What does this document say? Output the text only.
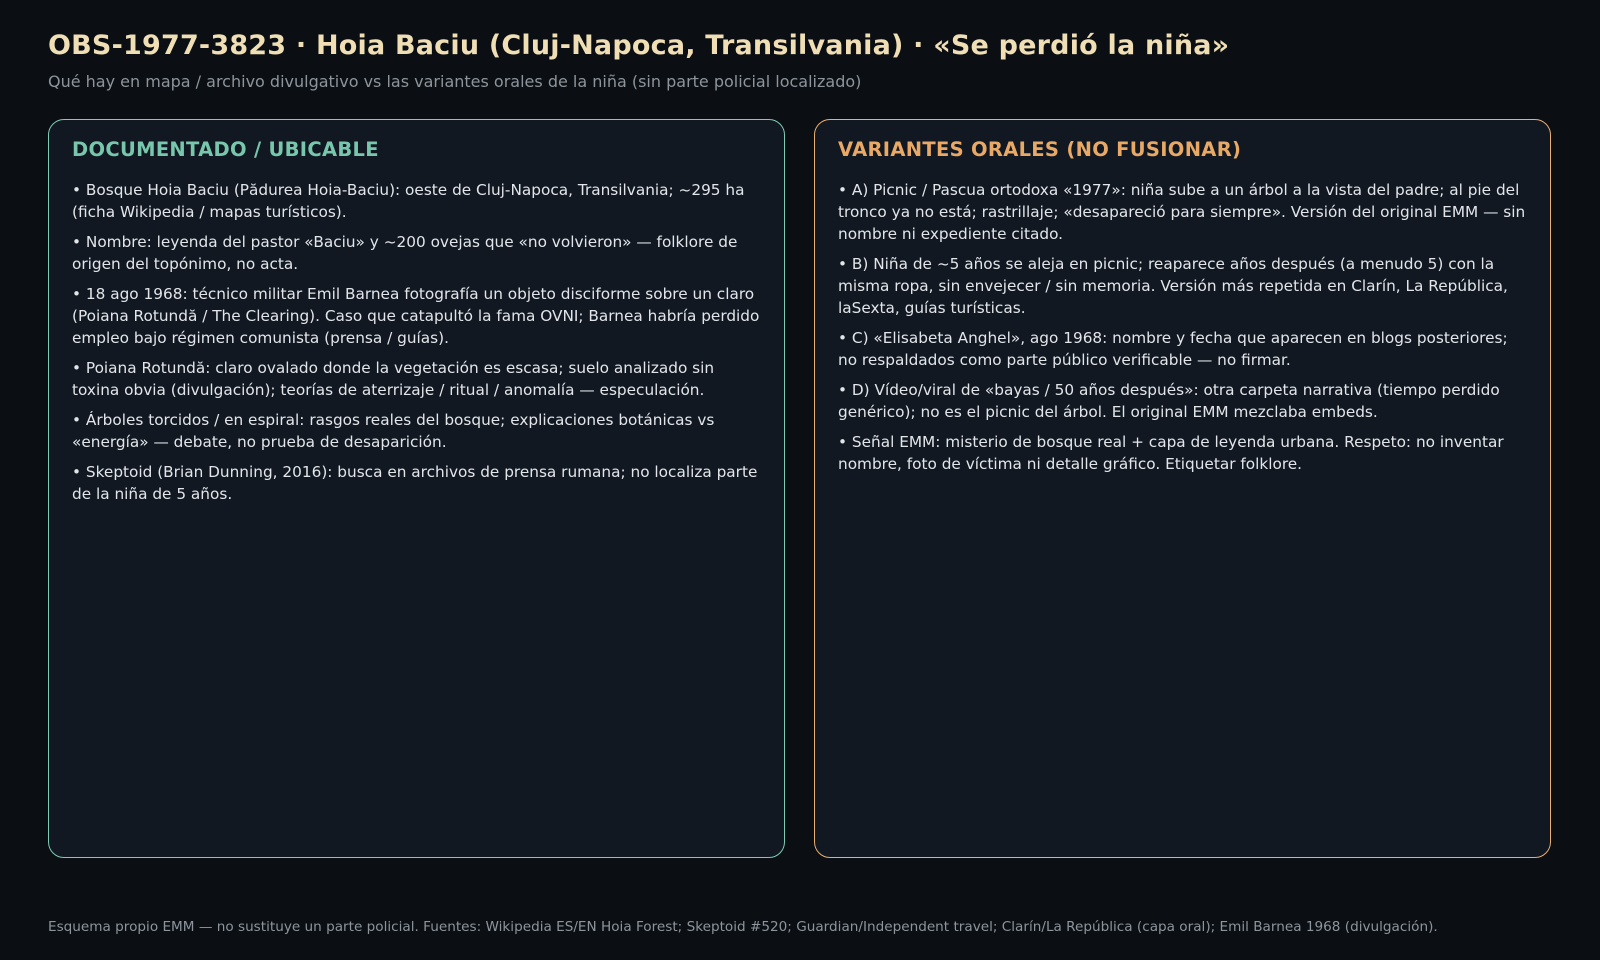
OBS-1977-3823 · Hoia Baciu (Cluj-Napoca, Transilvania) · «Se perdió la niña»

Qué hay en mapa / archivo divulgativo vs las variantes orales de la niña (sin parte policial localizado)

DOCUMENTADO / UBICABLE
• Bosque Hoia Baciu (Pădurea Hoia-Baciu): oeste de Cluj-Napoca, Transilvania; ~295 ha (ficha Wikipedia / mapas turísticos).
• Nombre: leyenda del pastor «Baciu» y ~200 ovejas que «no volvieron» — folklore de origen del topónimo, no acta.
• 18 ago 1968: técnico militar Emil Barnea fotografía un objeto disciforme sobre un claro (Poiana Rotundă / The Clearing). Caso que catapultó la fama OVNI; Barnea habría perdido empleo bajo régimen comunista (prensa / guías).
• Poiana Rotundă: claro ovalado donde la vegetación es escasa; suelo analizado sin toxina obvia (divulgación); teorías de aterrizaje / ritual / anomalía — especulación.
• Árboles torcidos / en espiral: rasgos reales del bosque; explicaciones botánicas vs «energía» — debate, no prueba de desaparición.
• Skeptoid (Brian Dunning, 2016): busca en archivos de prensa rumana; no localiza parte de la niña de 5 años.
VARIANTES ORALES (NO FUSIONAR)
• A) Picnic / Pascua ortodoxa «1977»: niña sube a un árbol a la vista del padre; al pie del tronco ya no está; rastrillaje; «desapareció para siempre». Versión del original EMM — sin nombre ni expediente citado.
• B) Niña de ~5 años se aleja en picnic; reaparece años después (a menudo 5) con la misma ropa, sin envejecer / sin memoria. Versión más repetida en Clarín, La República, laSexta, guías turísticas.
• C) «Elisabeta Anghel», ago 1968: nombre y fecha que aparecen en blogs posteriores; no respaldados como parte público verificable — no firmar.
• D) Vídeo/viral de «bayas / 50 años después»: otra carpeta narrativa (tiempo perdido genérico); no es el picnic del árbol. El original EMM mezclaba embeds.
• Señal EMM: misterio de bosque real + capa de leyenda urbana. Respeto: no inventar nombre, foto de víctima ni detalle gráfico. Etiquetar folklore.

Esquema propio EMM — no sustituye un parte policial. Fuentes: Wikipedia ES/EN Hoia Forest; Skeptoid #520; Guardian/Independent travel; Clarín/La República (capa oral); Emil Barnea 1968 (divulgación).
